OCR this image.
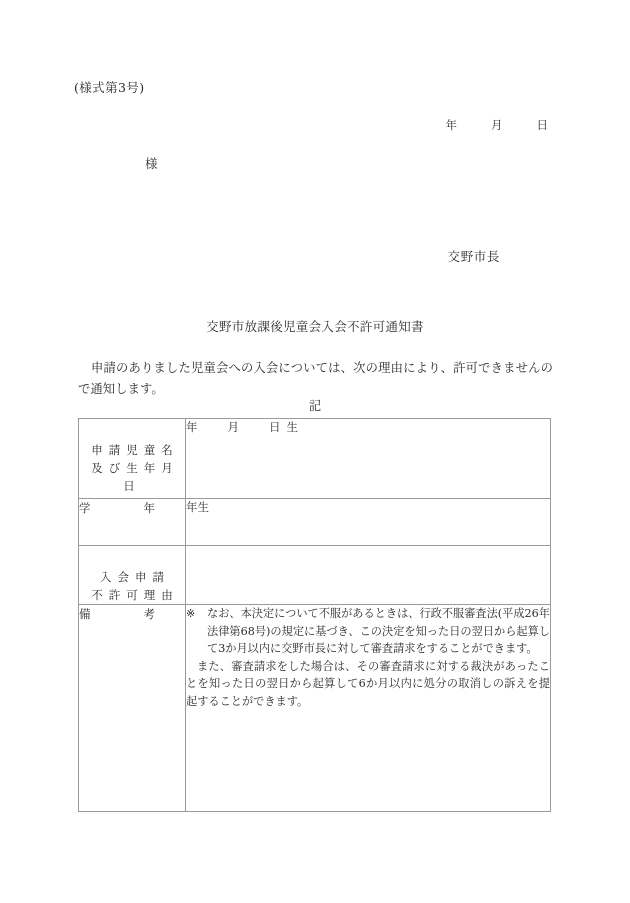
(様式第3号)
年	月	日
様
交野市長
交野市放課後児童会入会不許可通知書
申請のありました児童会への入会については、次の理由により、許可できませんので通知します。
記
申請児童名
及び生年月日	年 月 日 生

学 年	年生

入会申請
不許可理由	

備 考	※ なお、本決定について不服があるときは、行政不服審査法(平成26年法律第68号)の規定に基づき、この決定を知った日の翌日から起算して3か月以内に交野市長に対して審査請求をすることができます。
また、審査請求をした場合は、その審査請求に対する裁決があったことを知った日の翌日から起算して6か月以内に処分の取消しの訴えを提起することができます。
